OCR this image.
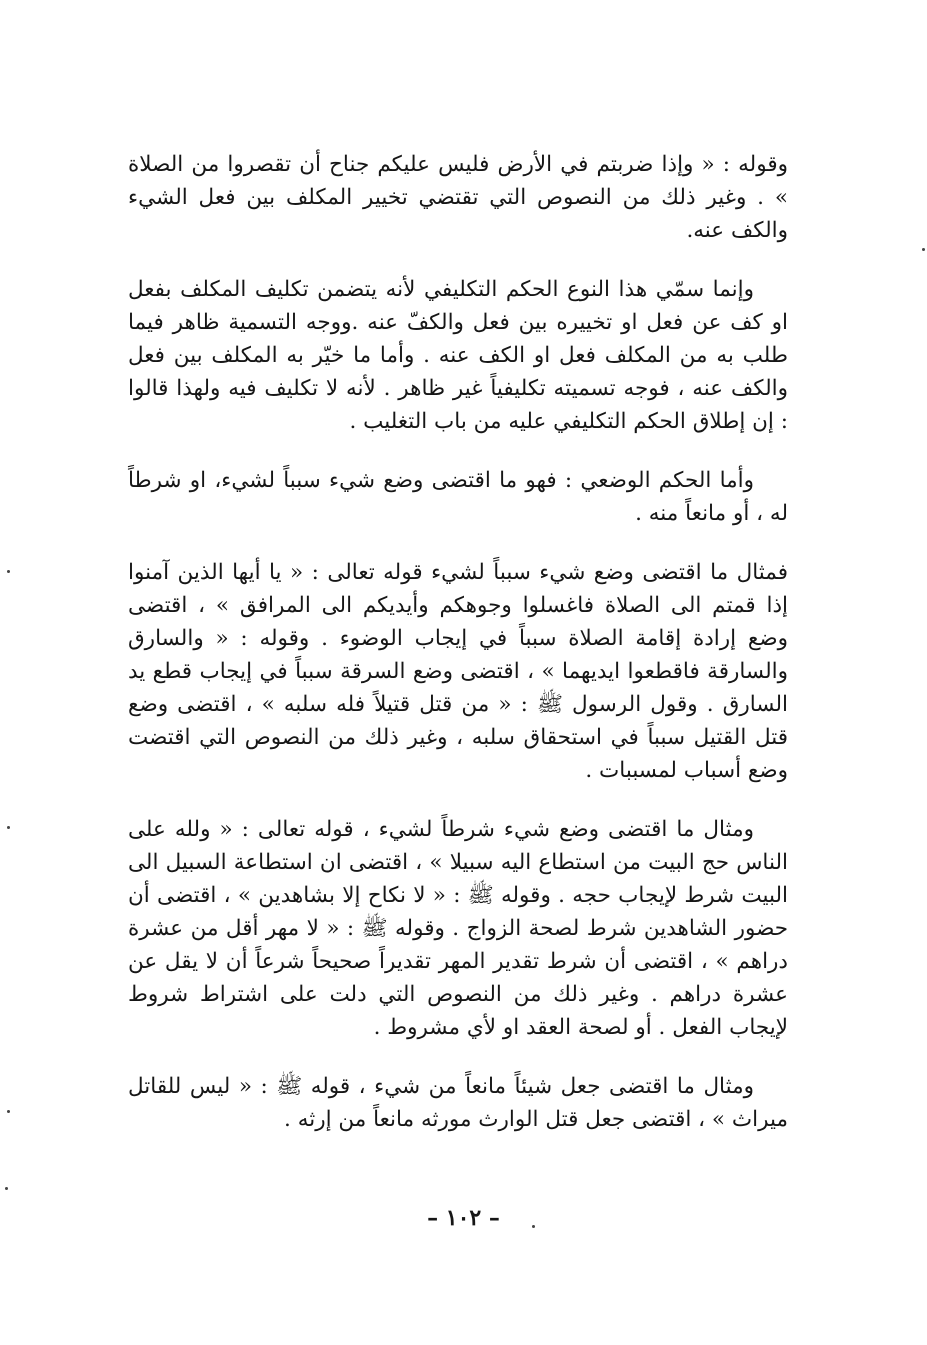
وقوله : « وإذا ضربتم في الأرض فليس عليكم جناح أن تقصروا من الصلاة » . وغير ذلك من النصوص التي تقتضي تخيير المكلف بين فعل الشيء والكف عنه.

وإنما سمّي هذا النوع الحكم التكليفي لأنه يتضمن تكليف المكلف بفعل او كف عن فعل او تخييره بين فعل والكفّ عنه .ووجه التسمية ظاهر فيما طلب به من المكلف فعل او الكف عنه . وأما ما خيّر به المكلف بين فعل والكف عنه ، فوجه تسميته تكليفياً غير ظاهر . لأنه لا تكليف فيه ولهذا قالوا : إن إطلاق الحكم التكليفي عليه من باب التغليب .

وأما الحكم الوضعي : فهو ما اقتضى وضع شيء سبباً لشيء، او شرطاً له ، أو مانعاً منه .

فمثال ما اقتضى وضع شيء سبباً لشيء قوله تعالى : « يا أيها الذين آمنوا إذا قمتم الى الصلاة فاغسلوا وجوهكم وأيديكم الى المرافق » ، اقتضى وضع إرادة إقامة الصلاة سبباً في إيجاب الوضوء . وقوله : « والسارق والسارقة فاقطعوا ايديهما » ، اقتضى وضع السرقة سبباً في إيجاب قطع يد السارق . وقول الرسول ﷺ : « من قتل قتيلاً فله سلبه » ، اقتضى وضع قتل القتيل سبباً في استحقاق سلبه ، وغير ذلك من النصوص التي اقتضت وضع أسباب لمسببات .

ومثال ما اقتضى وضع شيء شرطاً لشيء ، قوله تعالى : « ولله على الناس حج البيت من استطاع اليه سبيلا » ، اقتضى ان استطاعة السبيل الى البيت شرط لإيجاب حجه . وقوله ﷺ : « لا نكاح إلا بشاهدين » ، اقتضى أن حضور الشاهدين شرط لصحة الزواج . وقوله ﷺ : « لا مهر أقل من عشرة دراهم » ، اقتضى أن شرط تقدير المهر تقديراً صحيحاً شرعاً أن لا يقل عن عشرة دراهم . وغير ذلك من النصوص التي دلت على اشتراط شروط لإيجاب الفعل . أو لصحة العقد او لأي مشروط .

ومثال ما اقتضى جعل شيئاً مانعاً من شيء ، قوله ﷺ : « ليس للقاتل ميراث » ، اقتضى جعل قتل الوارث مورثه مانعاً من إرثه .

– ١٠٢ –
